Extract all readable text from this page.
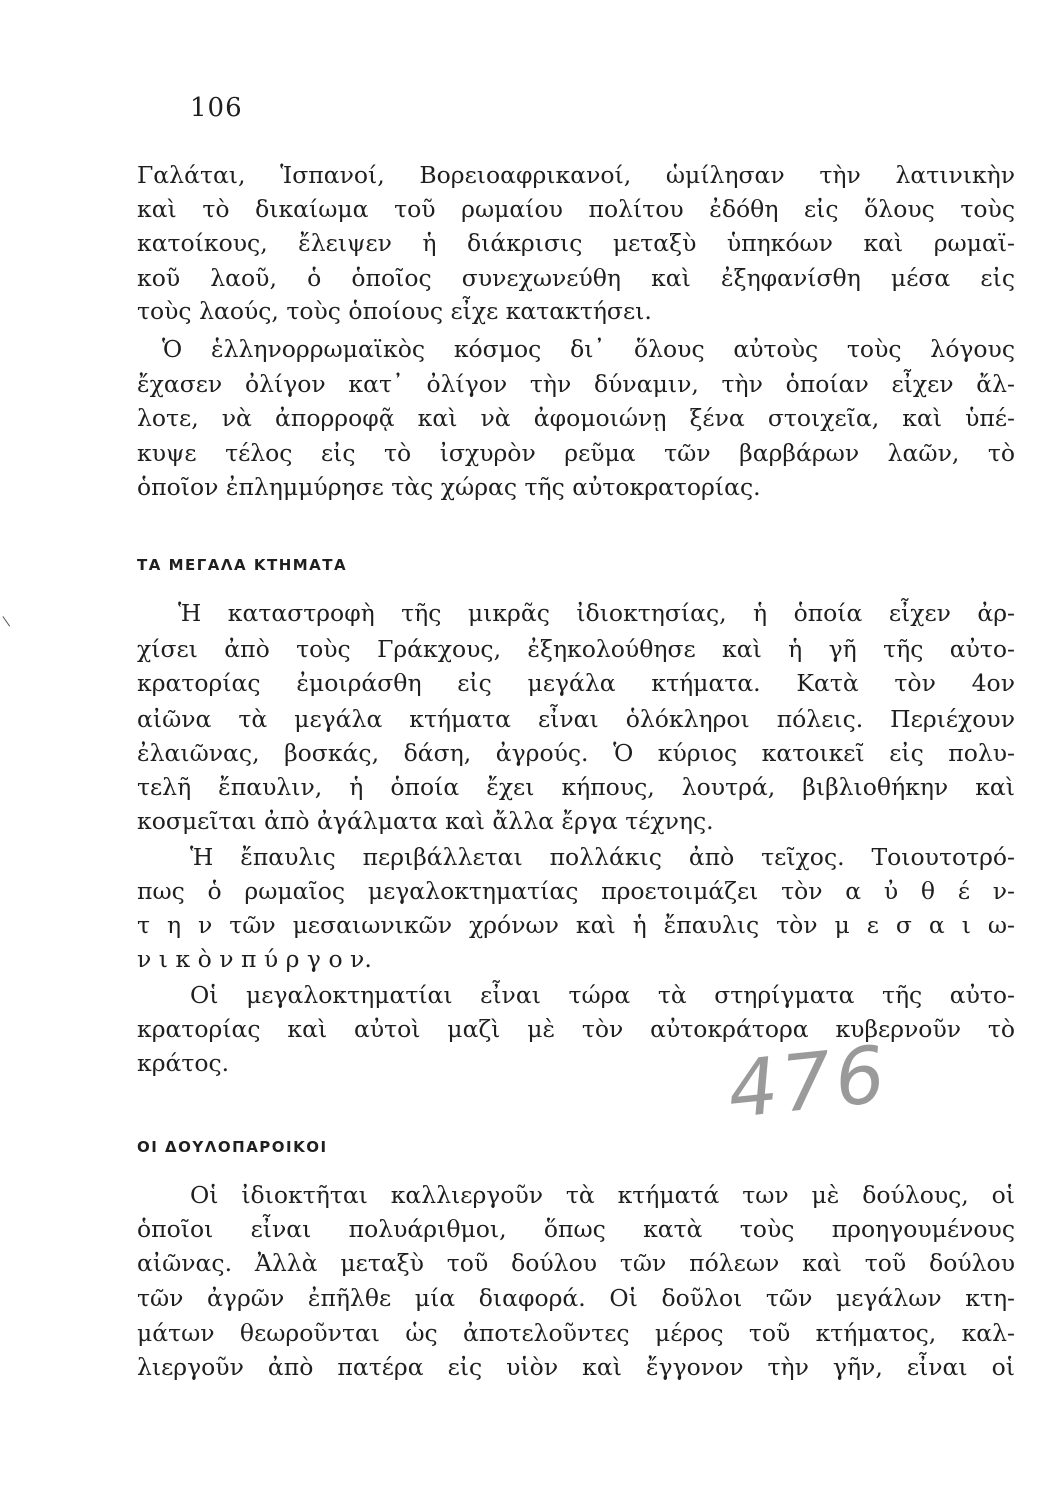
106
Γαλάται, Ἱσπανοί, Βορειοαφρικανοί, ὡμίλησαν τὴν λατινικὴν
καὶ τὸ δικαίωμα τοῦ ρωμαίου πολίτου ἐδόθη εἰς ὅλους τοὺς
κατοίκους, ἔλειψεν ἡ διάκρισις μεταξὺ ὑπηκόων καὶ ρωμαϊ-
κοῦ λαοῦ, ὁ ὁποῖος συνεχωνεύθη καὶ ἐξηφανίσθη μέσα εἰς
τοὺς λαούς, τοὺς ὁποίους εἶχε κατακτήσει.
Ὁ ἑλληνορρωμαϊκὸς κόσμος δι᾽ ὅλους αὐτοὺς τοὺς λόγους
ἔχασεν ὀλίγον κατ᾽ ὀλίγον τὴν δύναμιν, τὴν ὁποίαν εἶχεν ἄλ-
λοτε, νὰ ἀπορροφᾷ καὶ νὰ ἀφομοιώνῃ ξένα στοιχεῖα, καὶ ὑπέ-
κυψε τέλος εἰς τὸ ἰσχυρὸν ρεῦμα τῶν βαρβάρων λαῶν, τὸ
ὁποῖον ἐπλημμύρησε τὰς χώρας τῆς αὐτοκρατορίας.
ΤΑ ΜΕΓΑΛΑ ΚΤΗΜΑΤΑ
Ἡ καταστροφὴ τῆς μικρᾶς ἰδιοκτησίας, ἡ ὁποία εἶχεν ἀρ-
χίσει ἀπὸ τοὺς Γράκχους, ἐξηκολούθησε καὶ ἡ γῆ τῆς αὐτο-
κρατορίας ἐμοιράσθη εἰς μεγάλα κτήματα. Κατὰ τὸν 4ον
αἰῶνα τὰ μεγάλα κτήματα εἶναι ὁλόκληροι πόλεις. Περιέχουν
ἐλαιῶνας, βοσκάς, δάση, ἀγρούς. Ὁ κύριος κατοικεῖ εἰς πολυ-
τελῆ ἔπαυλιν, ἡ ὁποία ἔχει κήπους, λουτρά, βιβλιοθήκην καὶ
κοσμεῖται ἀπὸ ἀγάλματα καὶ ἄλλα ἔργα τέχνης.
Ἡ ἔπαυλις περιβάλλεται πολλάκις ἀπὸ τεῖχος. Τοιουτοτρό-
πως ὁ ρωμαῖος μεγαλοκτηματίας προετοιμάζει τὸν α ὐ θ έ ν-
τ η ν τῶν μεσαιωνικῶν χρόνων καὶ ἡ ἔπαυλις τὸν μ ε σ α ι ω-
ν ι κ ὸ ν π ύ ρ γ ο ν.
Οἱ μεγαλοκτηματίαι εἶναι τώρα τὰ στηρίγματα τῆς αὐτο-
κρατορίας καὶ αὐτοὶ μαζὶ μὲ τὸν αὐτοκράτορα κυβερνοῦν τὸ
κράτος.	476
ΟΙ ΔΟΥΛΟΠΑΡΟΙΚΟΙ
Οἱ ἰδιοκτῆται καλλιεργοῦν τὰ κτήματά των μὲ δούλους, οἱ
ὁποῖοι εἶναι πολυάριθμοι, ὅπως κατὰ τοὺς προηγουμένους
αἰῶνας. Ἀλλὰ μεταξὺ τοῦ δούλου τῶν πόλεων καὶ τοῦ δούλου
τῶν ἀγρῶν ἐπῆλθε μία διαφορά. Οἱ δοῦλοι τῶν μεγάλων κτη-
μάτων θεωροῦνται ὡς ἀποτελοῦντες μέρος τοῦ κτήματος, καλ-
λιεργοῦν ἀπὸ πατέρα εἰς υἱὸν καὶ ἔγγονον τὴν γῆν, εἶναι οἱ
